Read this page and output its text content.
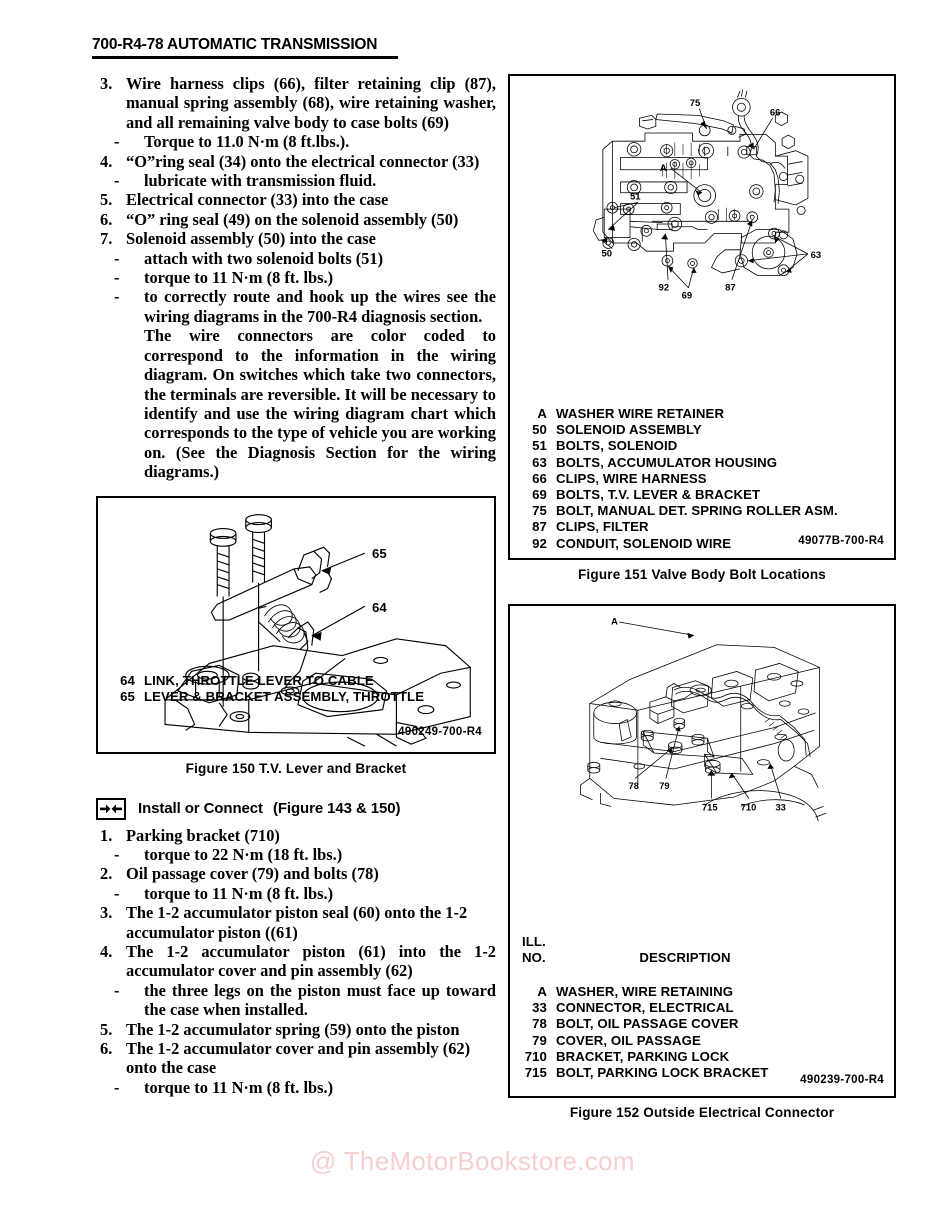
700-R4-78 AUTOMATIC TRANSMISSION
3. Wire harness clips (66), filter retaining clip (87), manual spring assembly (68), wire retaining washer, and all remaining valve body to case bolts (69)
-	Torque to 11.0 N·m (8 ft.lbs.).
4. “O”ring seal (34) onto the electrical connector (33)
-	lubricate with transmission fluid.
5. Electrical connector (33) into the case
6. “O” ring seal (49) on the solenoid assembly (50)
7. Solenoid assembly (50) into the case
-	attach with two solenoid bolts (51)
-	torque to 11 N·m (8 ft. lbs.)
-	to correctly route and hook up the wires see the wiring diagrams in the 700-R4 diagnosis section.
The wire connectors are color coded to correspond to the information in the wiring diagram. On switches which take two connectors, the terminals are reversible. It will be necessary to identify and use the wiring diagram chart which corresponds to the type of vehicle you are working on. (See the Diagnosis Section for the wiring diagrams.)
64 LINK, THROTTLE LEVER TO CABLE
65 LEVER & BRACKET ASSEMBLY, THROTTLE
490249-700-R4
65
64
Figure 150 T.V. Lever and Bracket
Install or Connect (Figure 143 & 150)
1. Parking bracket (710)
-	torque to 22 N·m (18 ft. lbs.)
2. Oil passage cover (79) and bolts (78)
-	torque to 11 N·m (8 ft. lbs.)
3. The 1-2 accumulator piston seal (60) onto the 1-2 accumulator piston ((61)
4. The 1-2 accumulator piston (61) into the 1-2 accumulator cover and pin assembly (62)
-	the three legs on the piston must face up toward the case when installed.
5. The 1-2 accumulator spring (59) onto the piston
6. The 1-2 accumulator cover and pin assembly (62) onto the case
-	torque to 11 N·m (8 ft. lbs.)
75
66
A
51
50
92
69
87
63
A WASHER WIRE RETAINER
50 SOLENOID ASSEMBLY
51 BOLTS, SOLENOID
63 BOLTS, ACCUMULATOR HOUSING
66 CLIPS, WIRE HARNESS
69 BOLTS, T.V. LEVER & BRACKET
75 BOLT, MANUAL DET. SPRING ROLLER ASM.
87 CLIPS, FILTER
92 CONDUIT, SOLENOID WIRE	49077B-700-R4
Figure 151 Valve Body Bolt Locations
A
78 79
715 710 33
ILL.
NO.	DESCRIPTION
A WASHER, WIRE RETAINING
33 CONNECTOR, ELECTRICAL
78 BOLT, OIL PASSAGE COVER
79 COVER, OIL PASSAGE
710 BRACKET, PARKING LOCK
715 BOLT, PARKING LOCK BRACKET	490239-700-R4
Figure 152 Outside Electrical Connector
@ TheMotorBookstore.com
